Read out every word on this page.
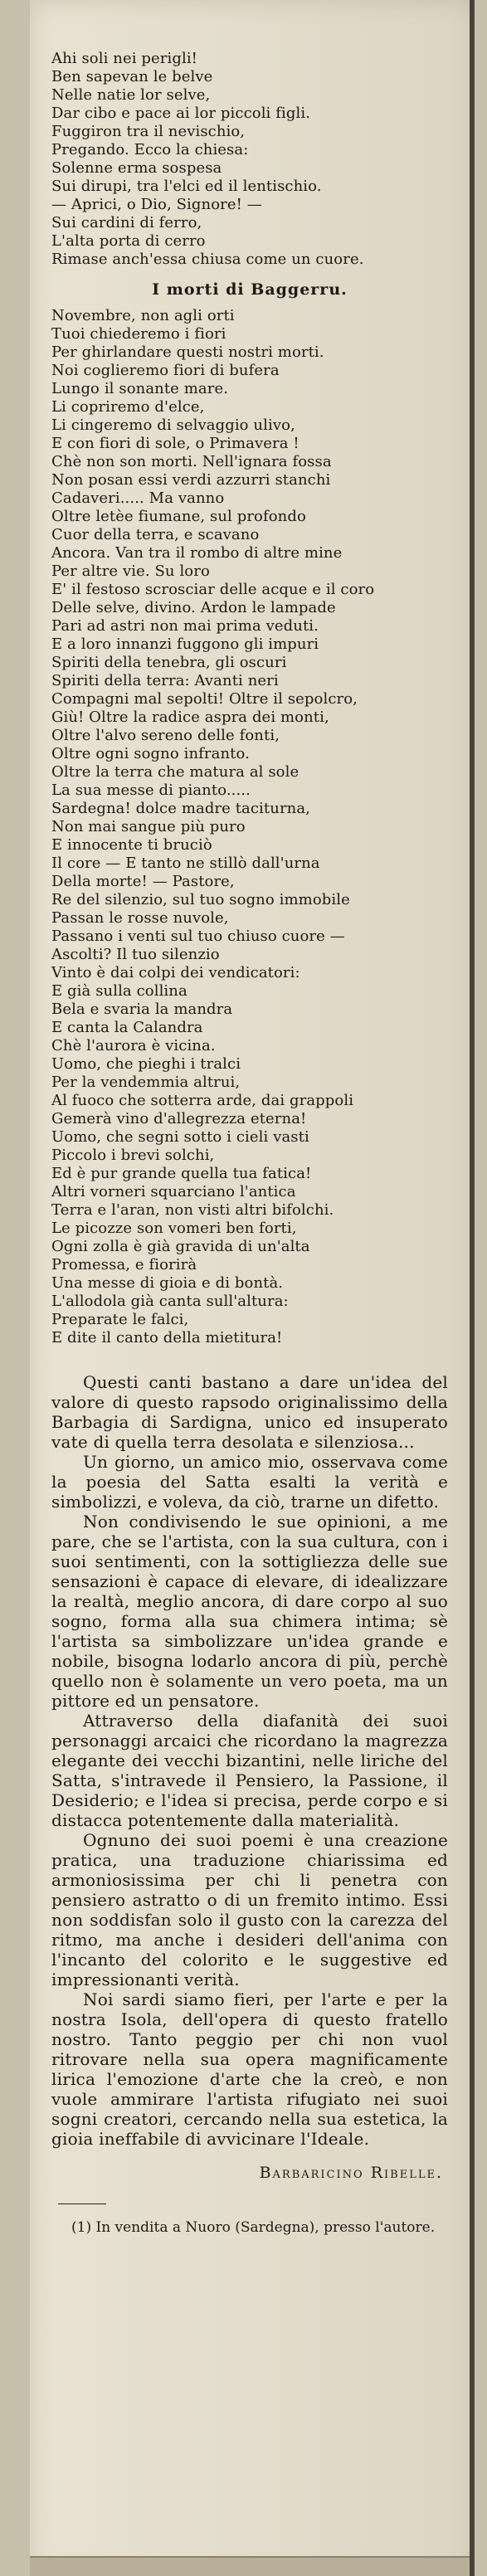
Ahi soli nei perigli!
Ben sapevan le belve
Nelle natie lor selve,
Dar cibo e pace ai lor piccoli figli.
Fuggiron tra il nevischio,
Pregando. Ecco la chiesa:
Solenne erma sospesa
Sui dirupi, tra l'elci ed il lentischio.
— Aprici, o Dio, Signore! —
Sui cardini di ferro,
L'alta porta di cerro
Rimase anch'essa chiusa come un cuore.
I morti di Baggerru.
Novembre, non agli orti
Tuoi chiederemo i fiori
Per ghirlandare questi nostri morti.
Noi coglieremo fiori di bufera
Lungo il sonante mare.
Li copriremo d'elce,
Li cingeremo di selvaggio ulivo,
E con fiori di sole, o Primavera !
Chè non son morti. Nell'ignara fossa
Non posan essi verdi azzurri stanchi
Cadaveri..... Ma vanno
Oltre letèe fiumane, sul profondo
Cuor della terra, e scavano
Ancora. Van tra il rombo di altre mine
Per altre vie. Su loro
E' il festoso scrosciar delle acque e il coro
Delle selve, divino. Ardon le lampade
Pari ad astri non mai prima veduti.
E a loro innanzi fuggono gli impuri
Spiriti della tenebra, gli oscuri
Spiriti della terra: Avanti neri
Compagni mal sepolti! Oltre il sepolcro,
Giù! Oltre la radice aspra dei monti,
Oltre l'alvo sereno delle fonti,
Oltre ogni sogno infranto.
Oltre la terra che matura al sole
La sua messe di pianto.....
Sardegna! dolce madre taciturna,
Non mai sangue più puro
E innocente ti bruciò
Il core — E tanto ne stillò dall'urna
Della morte! — Pastore,
Re del silenzio, sul tuo sogno immobile
Passan le rosse nuvole,
Passano i venti sul tuo chiuso cuore —
Ascolti? Il tuo silenzio
Vinto è dai colpi dei vendicatori:
E già sulla collina
Bela e svaria la mandra
E canta la Calandra
Chè l'aurora è vicina.
Uomo, che pieghi i tralci
Per la vendemmia altrui,
Al fuoco che sotterra arde, dai grappoli
Gemerà vino d'allegrezza eterna!
Uomo, che segni sotto i cieli vasti
Piccolo i brevi solchi,
Ed è pur grande quella tua fatica!
Altri vorneri squarciano l'antica
Terra e l'aran, non visti altri bifolchi.
Le picozze son vomeri ben forti,
Ogni zolla è già gravida di un'alta
Promessa, e fiorirà
Una messe di gioia e di bontà.
L'allodola già canta sull'altura:
Preparate le falci,
E dite il canto della mietitura!

Questi canti bastano a dare un'idea del valore di questo rapsodo originalissimo della Barbagia di Sardigna, unico ed insuperato vate di quella terra desolata e silenziosa...

Un giorno, un amico mio, osservava come la poesia del Satta esalti la verità e simbolizzi, e voleva, da ciò, trarne un difetto.

Non condivisendo le sue opinioni, a me pare, che se l'artista, con la sua cultura, con i suoi sentimenti, con la sottigliezza delle sue sensazioni è capace di elevare, di idealizzare la realtà, meglio ancora, di dare corpo al suo sogno, forma alla sua chimera intima; sè l'artista sa simbolizzare un'idea grande e nobile, bisogna lodarlo ancora di più, perchè quello non è solamente un vero poeta, ma un pittore ed un pensatore.

Attraverso della diafanità dei suoi personaggi arcaici che ricordano la magrezza elegante dei vecchi bizantini, nelle liriche del Satta, s'intravede il Pensiero, la Passione, il Desiderio; e l'idea si precisa, perde corpo e si distacca potentemente dalla materialità.

Ognuno dei suoi poemi è una creazione pratica, una traduzione chiarissima ed armoniosissima per chi li penetra con pensiero astratto o di un fremito intimo. Essi non soddisfan solo il gusto con la carezza del ritmo, ma anche i desideri dell'anima con l'incanto del colorito e le suggestive ed impressionanti verità.

Noi sardi siamo fieri, per l'arte e per la nostra Isola, dell'opera di questo fratello nostro. Tanto peggio per chi non vuol ritrovare nella sua opera magnificamente lirica l'emozione d'arte che la creò, e non vuole ammirare l'artista rifugiato nei suoi sogni creatori, cercando nella sua estetica, la gioia ineffabile di avvicinare l'Ideale.

Barbaricino Ribelle.
(1) In vendita a Nuoro (Sardegna), presso l'autore.
